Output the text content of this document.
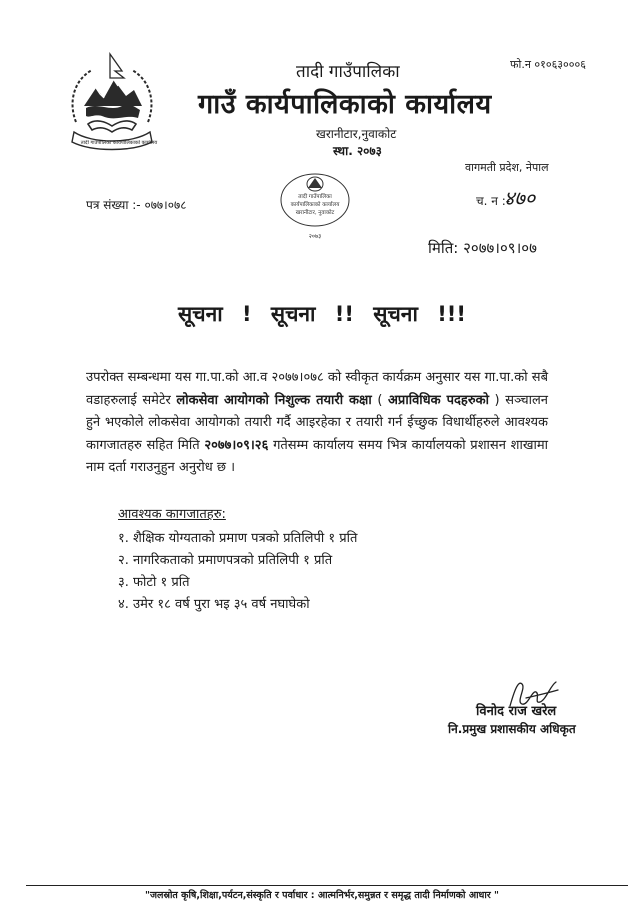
तादी गाउँपालिका कार्यपालिकाको कार्यालय
तादी गाउँपालिका
गाउँ कार्यपालिकाको कार्यालय
खरानीटार,नुवाकोट
स्था. २०७३
फो.न ०१०६३०००६
वागमती प्रदेश, नेपाल
तादी गाउँपालिका
कार्यपालिकाको कार्यालय
खरानीटार, नुवाकोट
२०७३
पत्र संख्या :- ०७७।०७८	च. न :-
४७०
मिति: २०७७।०९।०७
सूचना ! सूचना !! सूचना !!!
उपरोक्त सम्बन्धमा यस गा.पा.को आ.व २०७७।०७८ को स्वीकृत कार्यक्रम अनुसार यस गा.पा.को सबै वडाहरुलाई समेटेर लोकसेवा आयोगको निशुल्क तयारी कक्षा ( अप्राविधिक पदहरुको ) सञ्चालन हुने भएकोले लोकसेवा आयोगको तयारी गर्दै आइरहेका र तयारी गर्न ईच्छुक विधार्थीहरुले आवश्यक कागजातहरु सहित मिति २०७७।०९।२६ गतेसम्म कार्यालय समय भित्र कार्यालयको प्रशासन शाखामा नाम दर्ता गराउनुहुन अनुरोध छ ।
आवश्यक कागजातहरु:
१. शैक्षिक योग्यताको प्रमाण पत्रको प्रतिलिपी १ प्रति
२. नागरिकताको प्रमाणपत्रको प्रतिलिपी १ प्रति
३. फोटो १ प्रति
४. उमेर १८ वर्ष पुरा भइ ३५ वर्ष नघाघेको
विनोद राज खरेल
नि.प्रमुख प्रशासकीय अधिकृत
"जलस्रोत कृषि,शिक्षा,पर्यटन,संस्कृति र पर्वाधार : आत्मनिर्भर,समुन्नत र समृद्ध तादी निर्माणको आधार "
